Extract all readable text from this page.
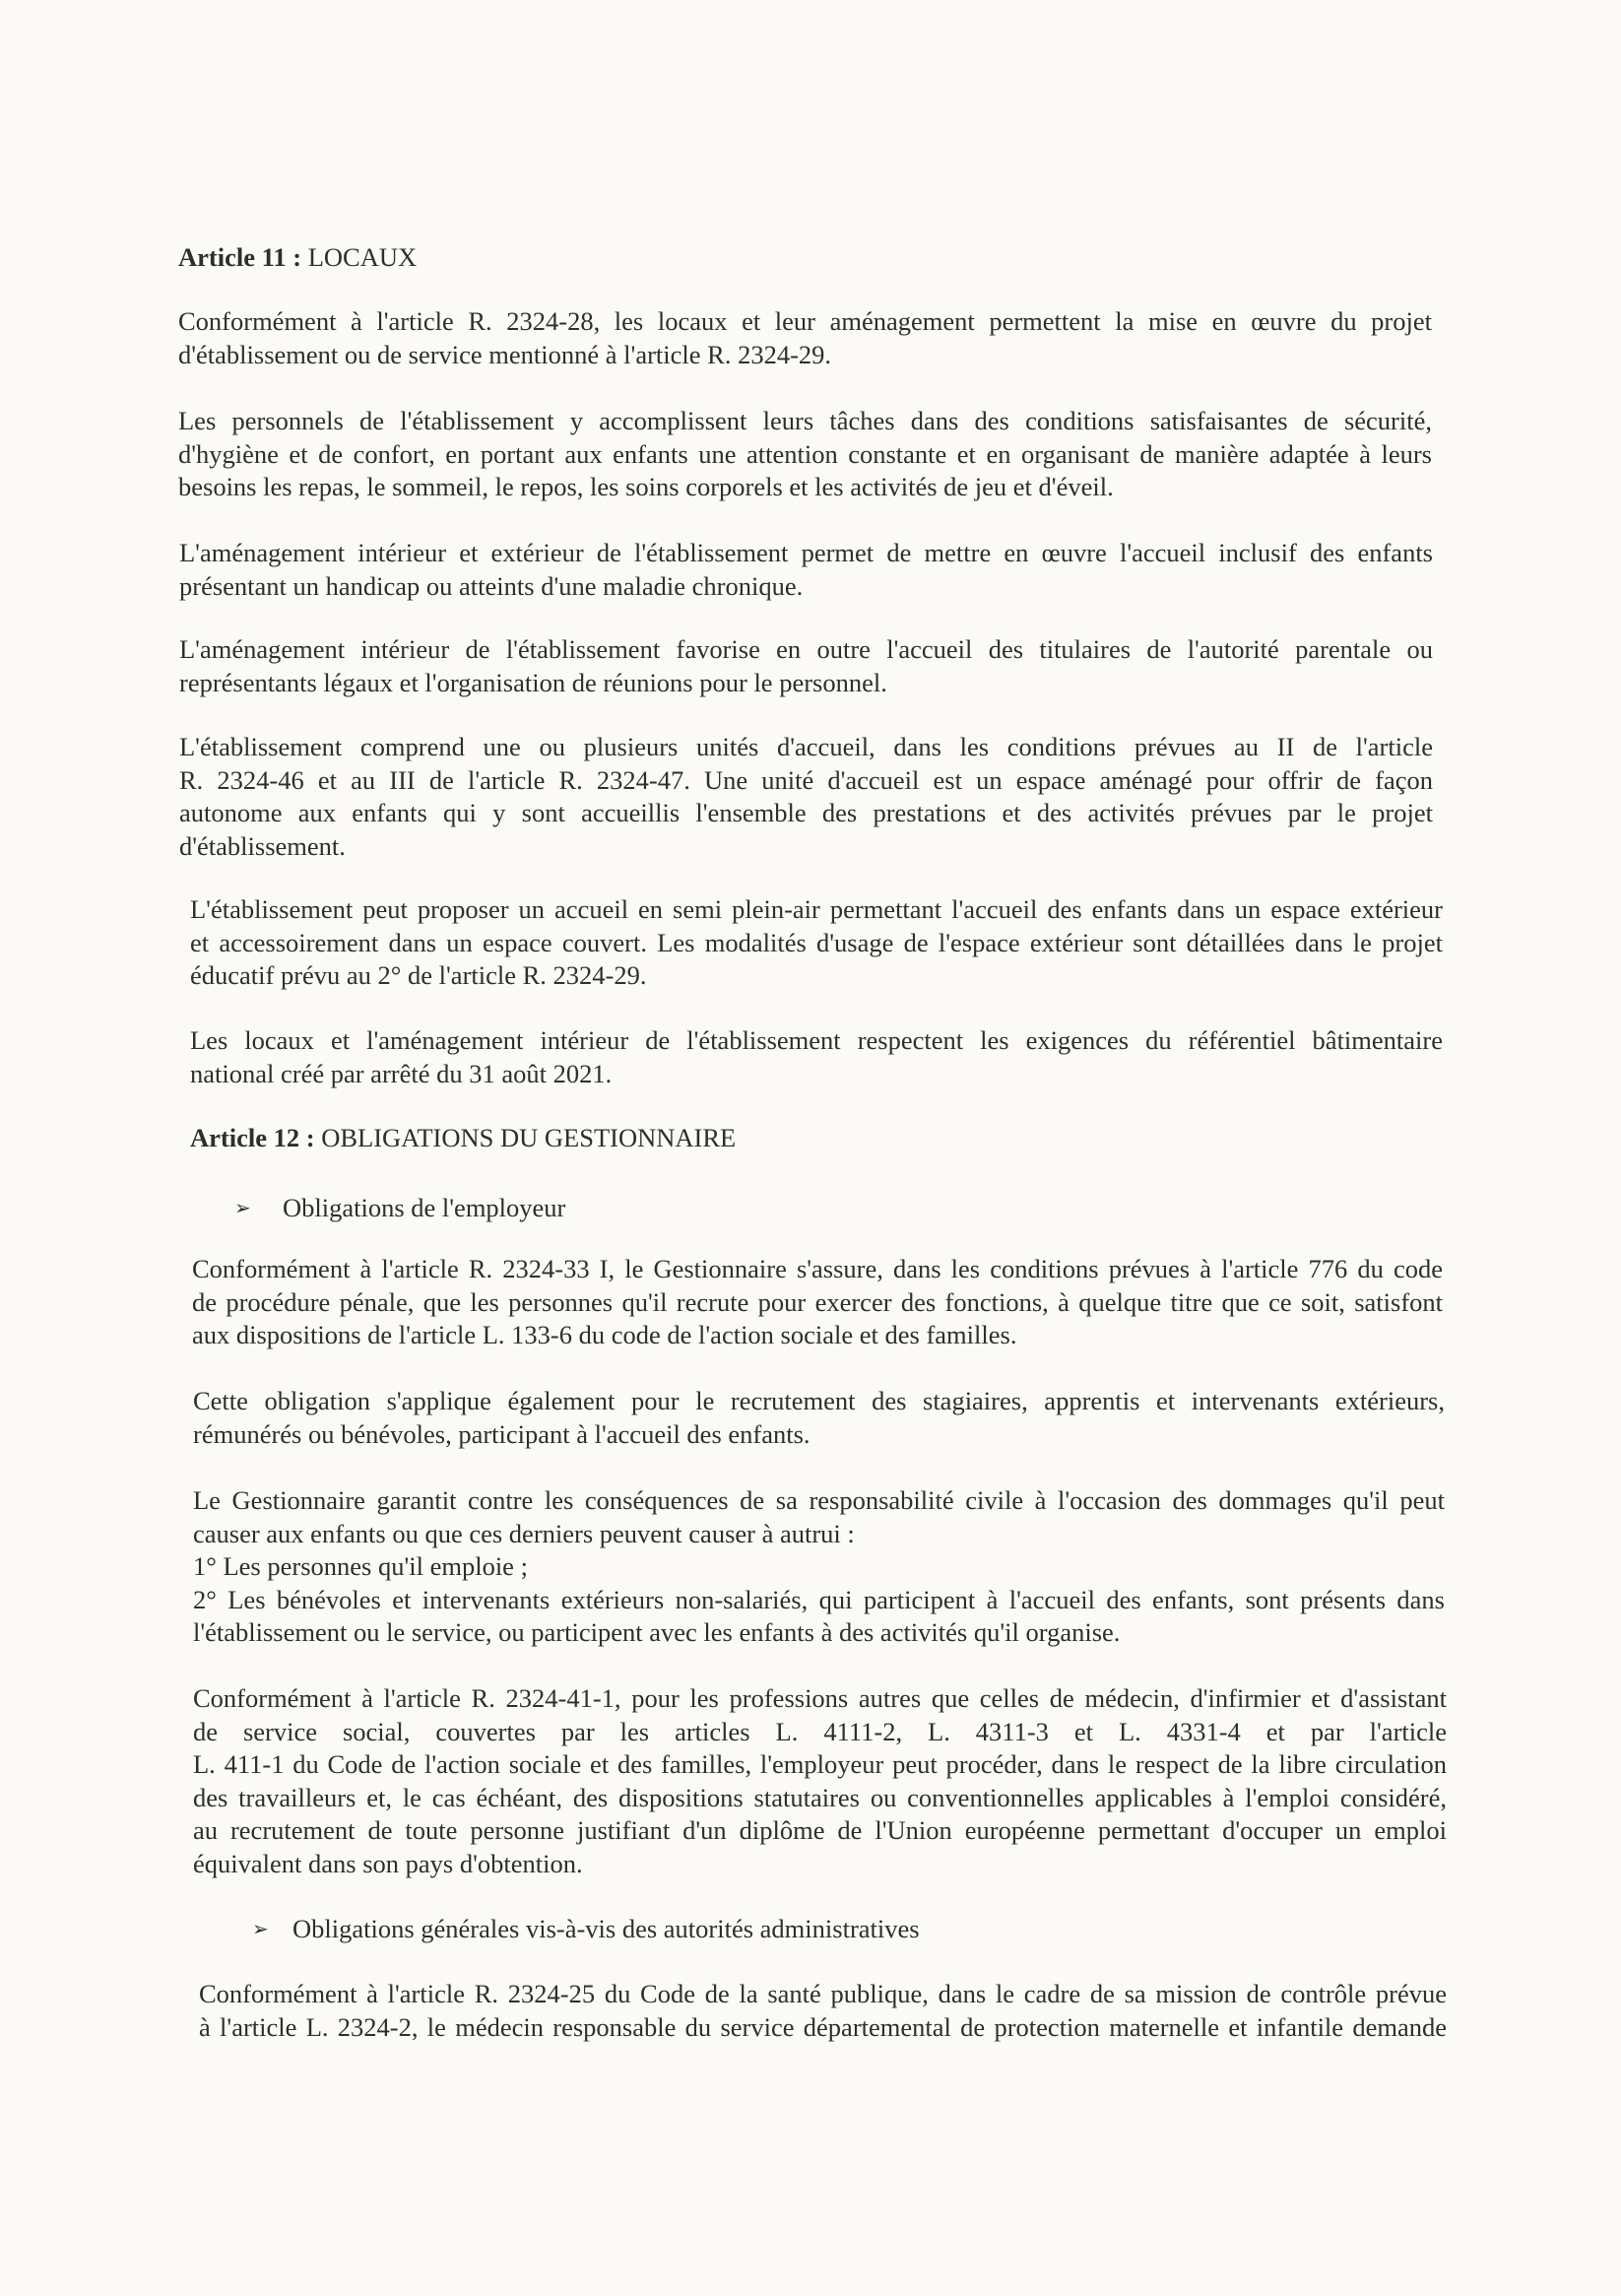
Article 11 : LOCAUX
Conformément à l'article R. 2324-28, les locaux et leur aménagement permettent la mise en œuvre du projet
d'établissement ou de service mentionné à l'article R. 2324-29.
Les personnels de l'établissement y accomplissent leurs tâches dans des conditions satisfaisantes de sécurité,
d'hygiène et de confort, en portant aux enfants une attention constante et en organisant de manière adaptée à leurs
besoins les repas, le sommeil, le repos, les soins corporels et les activités de jeu et d'éveil.
L'aménagement intérieur et extérieur de l'établissement permet de mettre en œuvre l'accueil inclusif des enfants
présentant un handicap ou atteints d'une maladie chronique.
L'aménagement intérieur de l'établissement favorise en outre l'accueil des titulaires de l'autorité parentale ou
représentants légaux et l'organisation de réunions pour le personnel.
L'établissement comprend une ou plusieurs unités d'accueil, dans les conditions prévues au II de l'article
R. 2324-46 et au III de l'article R. 2324-47. Une unité d'accueil est un espace aménagé pour offrir de façon
autonome aux enfants qui y sont accueillis l'ensemble des prestations et des activités prévues par le projet
d'établissement.
L'établissement peut proposer un accueil en semi plein-air permettant l'accueil des enfants dans un espace extérieur
et accessoirement dans un espace couvert. Les modalités d'usage de l'espace extérieur sont détaillées dans le projet
éducatif prévu au 2° de l'article R. 2324-29.
Les locaux et l'aménagement intérieur de l'établissement respectent les exigences du référentiel bâtimentaire
national créé par arrêté du 31 août 2021.
Article 12 : OBLIGATIONS DU GESTIONNAIRE
➢
Obligations de l'employeur
Conformément à l'article R. 2324-33 I, le Gestionnaire s'assure, dans les conditions prévues à l'article 776 du code
de procédure pénale, que les personnes qu'il recrute pour exercer des fonctions, à quelque titre que ce soit, satisfont
aux dispositions de l'article L. 133-6 du code de l'action sociale et des familles.
Cette obligation s'applique également pour le recrutement des stagiaires, apprentis et intervenants extérieurs,
rémunérés ou bénévoles, participant à l'accueil des enfants.
Le Gestionnaire garantit contre les conséquences de sa responsabilité civile à l'occasion des dommages qu'il peut
causer aux enfants ou que ces derniers peuvent causer à autrui :
1° Les personnes qu'il emploie ;
2° Les bénévoles et intervenants extérieurs non-salariés, qui participent à l'accueil des enfants, sont présents dans
l'établissement ou le service, ou participent avec les enfants à des activités qu'il organise.
Conformément à l'article R. 2324-41-1, pour les professions autres que celles de médecin, d'infirmier et d'assistant
de service social, couvertes par les articles L. 4111-2, L. 4311-3 et L. 4331-4 et par l'article
L. 411-1 du Code de l'action sociale et des familles, l'employeur peut procéder, dans le respect de la libre circulation
des travailleurs et, le cas échéant, des dispositions statutaires ou conventionnelles applicables à l'emploi considéré,
au recrutement de toute personne justifiant d'un diplôme de l'Union européenne permettant d'occuper un emploi
équivalent dans son pays d'obtention.
➢
Obligations générales vis-à-vis des autorités administratives
Conformément à l'article R. 2324-25 du Code de la santé publique, dans le cadre de sa mission de contrôle prévue
à l'article L. 2324-2, le médecin responsable du service départemental de protection maternelle et infantile demande
